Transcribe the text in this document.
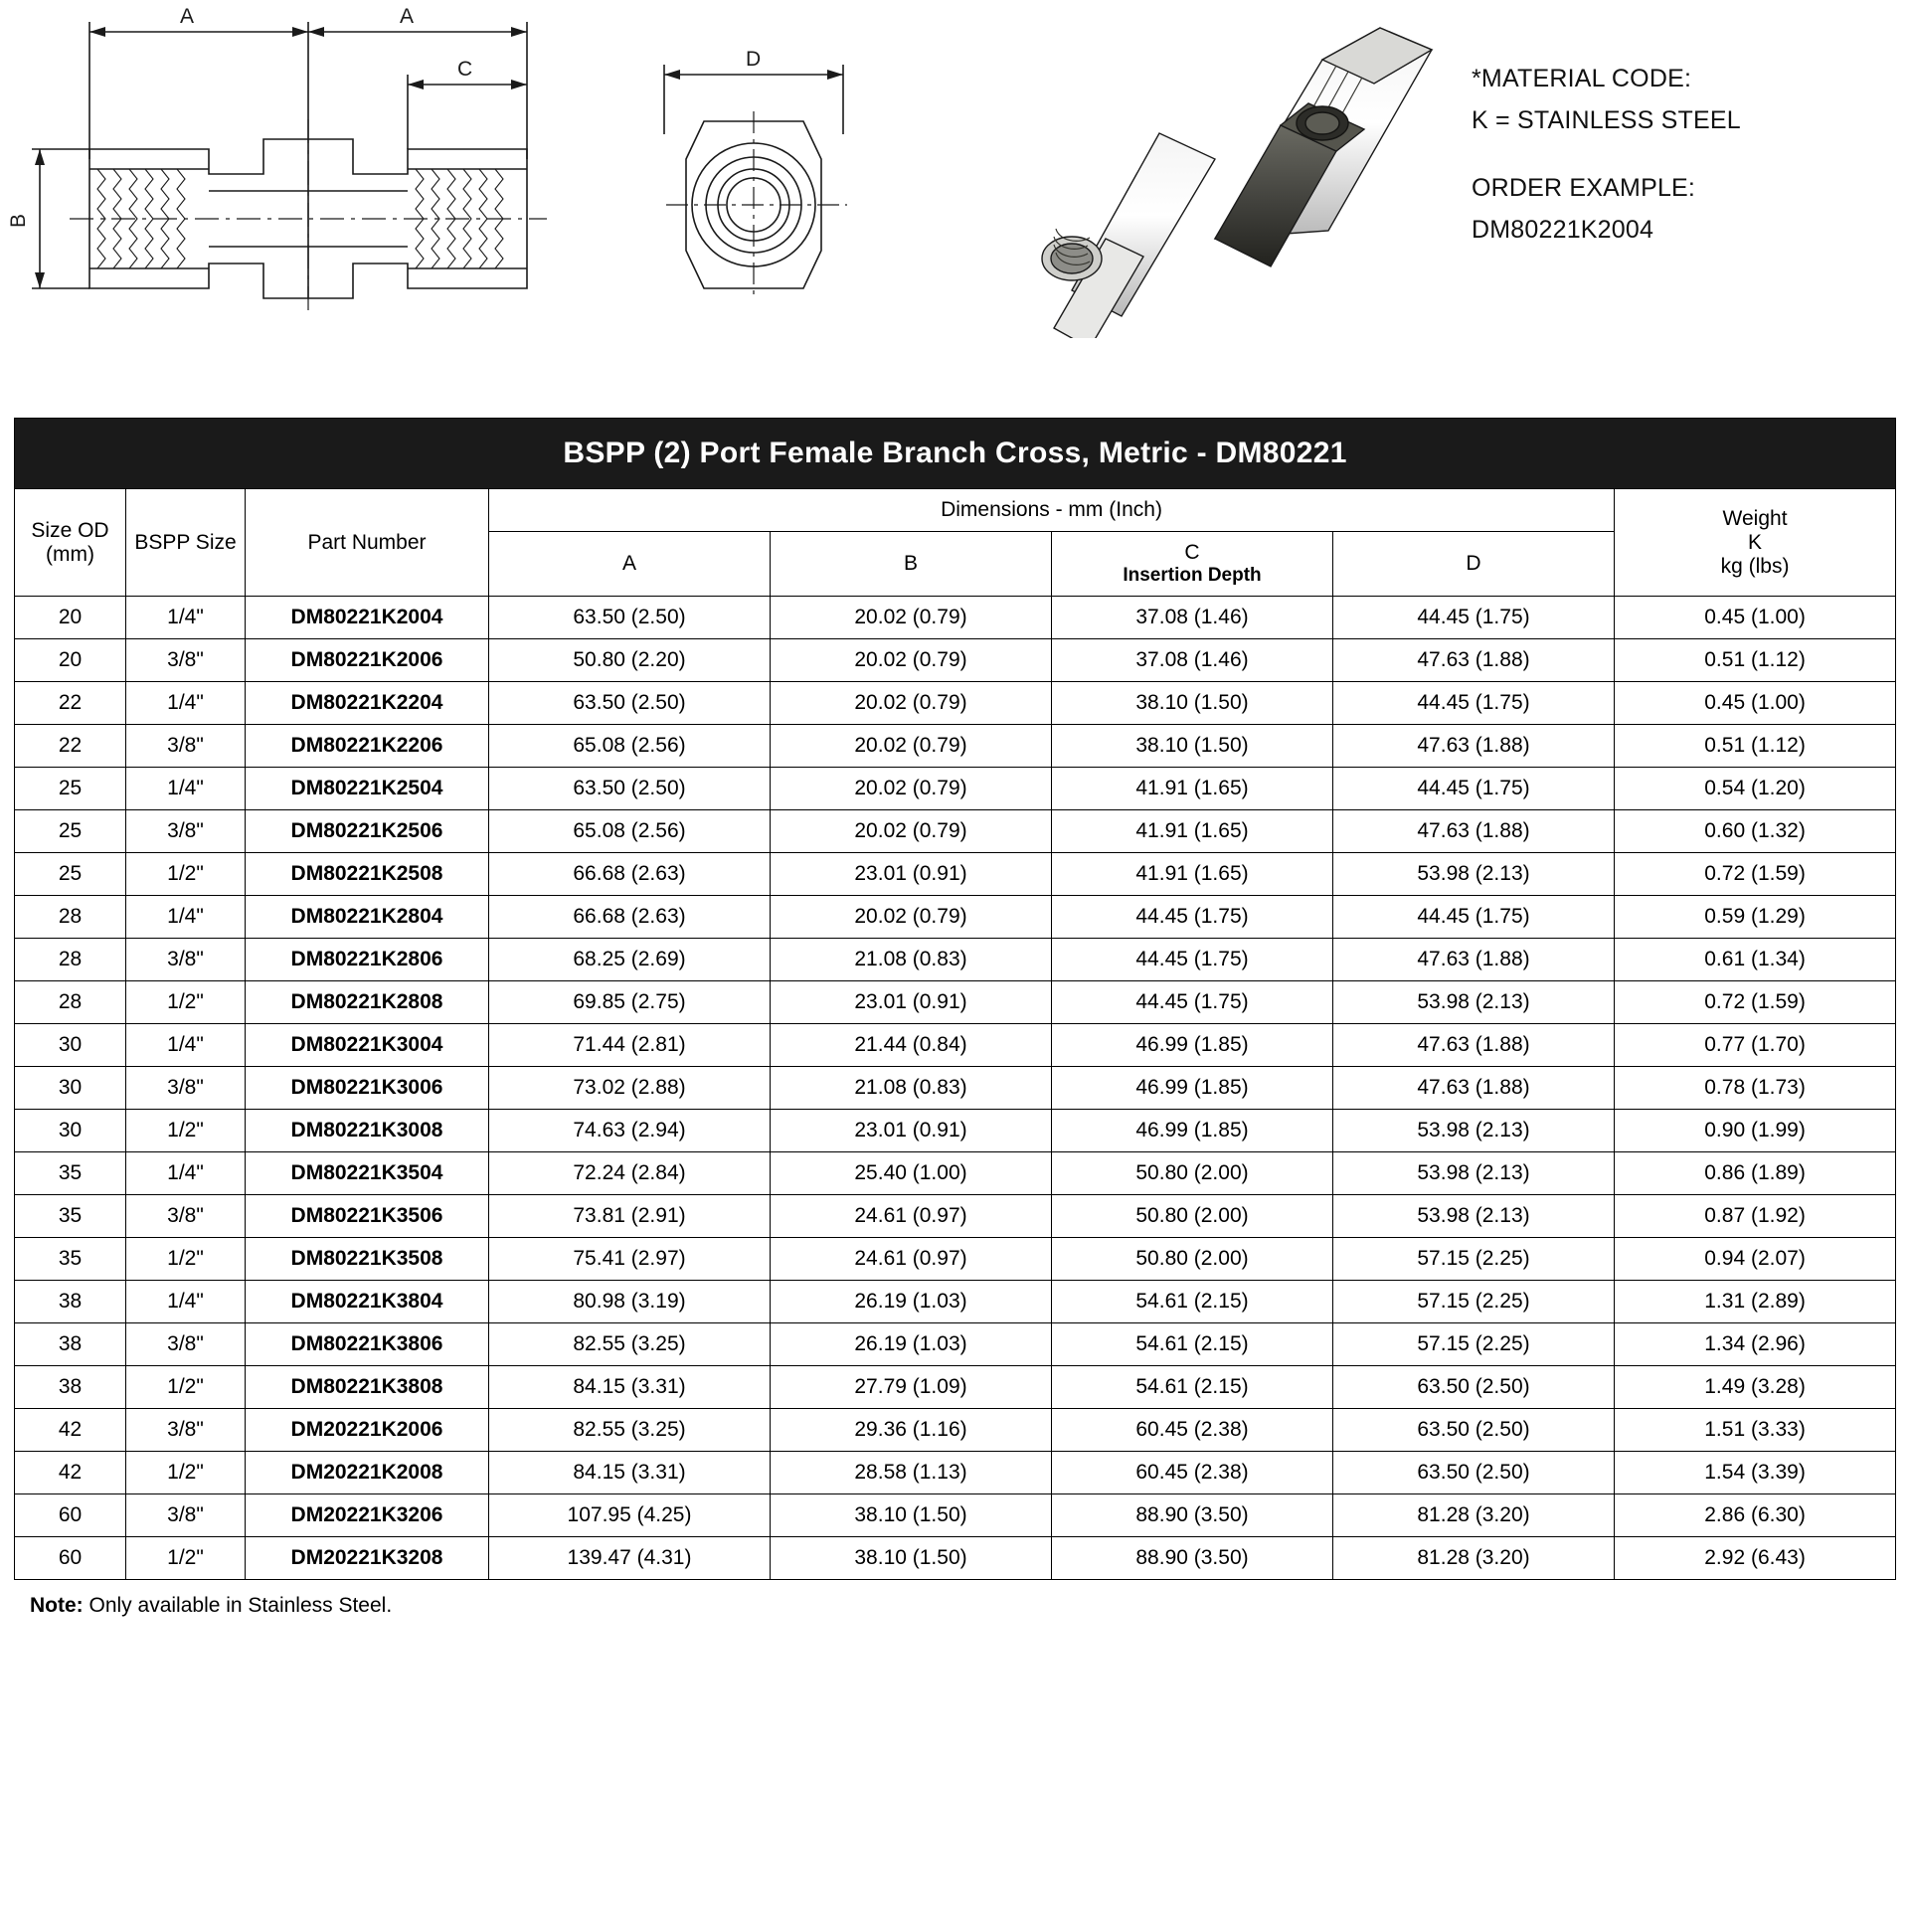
A	A
C
B
D
*MATERIAL CODE:
K = STAINLESS STEEL
ORDER EXAMPLE:
DM80221K2004
BSPP (2) Port Female Branch Cross, Metric - DM80221							
Size OD
(mm)	BSPP Size	Part Number	Dimensions - mm (Inch)				Weight
K
kg (lbs)
			A	B	C
Insertion Depth	D	
20	1/4"	DM80221K2004	63.50 (2.50)	20.02 (0.79)	37.08 (1.46)	44.45 (1.75)	0.45 (1.00)
20	3/8"	DM80221K2006	50.80 (2.20)	20.02 (0.79)	37.08 (1.46)	47.63 (1.88)	0.51 (1.12)
22	1/4"	DM80221K2204	63.50 (2.50)	20.02 (0.79)	38.10 (1.50)	44.45 (1.75)	0.45 (1.00)
22	3/8"	DM80221K2206	65.08 (2.56)	20.02 (0.79)	38.10 (1.50)	47.63 (1.88)	0.51 (1.12)
25	1/4"	DM80221K2504	63.50 (2.50)	20.02 (0.79)	41.91 (1.65)	44.45 (1.75)	0.54 (1.20)
25	3/8"	DM80221K2506	65.08 (2.56)	20.02 (0.79)	41.91 (1.65)	47.63 (1.88)	0.60 (1.32)
25	1/2"	DM80221K2508	66.68 (2.63)	23.01 (0.91)	41.91 (1.65)	53.98 (2.13)	0.72 (1.59)
28	1/4"	DM80221K2804	66.68 (2.63)	20.02 (0.79)	44.45 (1.75)	44.45 (1.75)	0.59 (1.29)
28	3/8"	DM80221K2806	68.25 (2.69)	21.08 (0.83)	44.45 (1.75)	47.63 (1.88)	0.61 (1.34)
28	1/2"	DM80221K2808	69.85 (2.75)	23.01 (0.91)	44.45 (1.75)	53.98 (2.13)	0.72 (1.59)
30	1/4"	DM80221K3004	71.44 (2.81)	21.44 (0.84)	46.99 (1.85)	47.63 (1.88)	0.77 (1.70)
30	3/8"	DM80221K3006	73.02 (2.88)	21.08 (0.83)	46.99 (1.85)	47.63 (1.88)	0.78 (1.73)
30	1/2"	DM80221K3008	74.63 (2.94)	23.01 (0.91)	46.99 (1.85)	53.98 (2.13)	0.90 (1.99)
35	1/4"	DM80221K3504	72.24 (2.84)	25.40 (1.00)	50.80 (2.00)	53.98 (2.13)	0.86 (1.89)
35	3/8"	DM80221K3506	73.81 (2.91)	24.61 (0.97)	50.80 (2.00)	53.98 (2.13)	0.87 (1.92)
35	1/2"	DM80221K3508	75.41 (2.97)	24.61 (0.97)	50.80 (2.00)	57.15 (2.25)	0.94 (2.07)
38	1/4"	DM80221K3804	80.98 (3.19)	26.19 (1.03)	54.61 (2.15)	57.15 (2.25)	1.31 (2.89)
38	3/8"	DM80221K3806	82.55 (3.25)	26.19 (1.03)	54.61 (2.15)	57.15 (2.25)	1.34 (2.96)
38	1/2"	DM80221K3808	84.15 (3.31)	27.79 (1.09)	54.61 (2.15)	63.50 (2.50)	1.49 (3.28)
42	3/8"	DM20221K2006	82.55 (3.25)	29.36 (1.16)	60.45 (2.38)	63.50 (2.50)	1.51 (3.33)
42	1/2"	DM20221K2008	84.15 (3.31)	28.58 (1.13)	60.45 (2.38)	63.50 (2.50)	1.54 (3.39)
60	3/8"	DM20221K3206	107.95 (4.25)	38.10 (1.50)	88.90 (3.50)	81.28 (3.20)	2.86 (6.30)
60	1/2"	DM20221K3208	139.47 (4.31)	38.10 (1.50)	88.90 (3.50)	81.28 (3.20)	2.92 (6.43)
Note: Only available in Stainless Steel.
